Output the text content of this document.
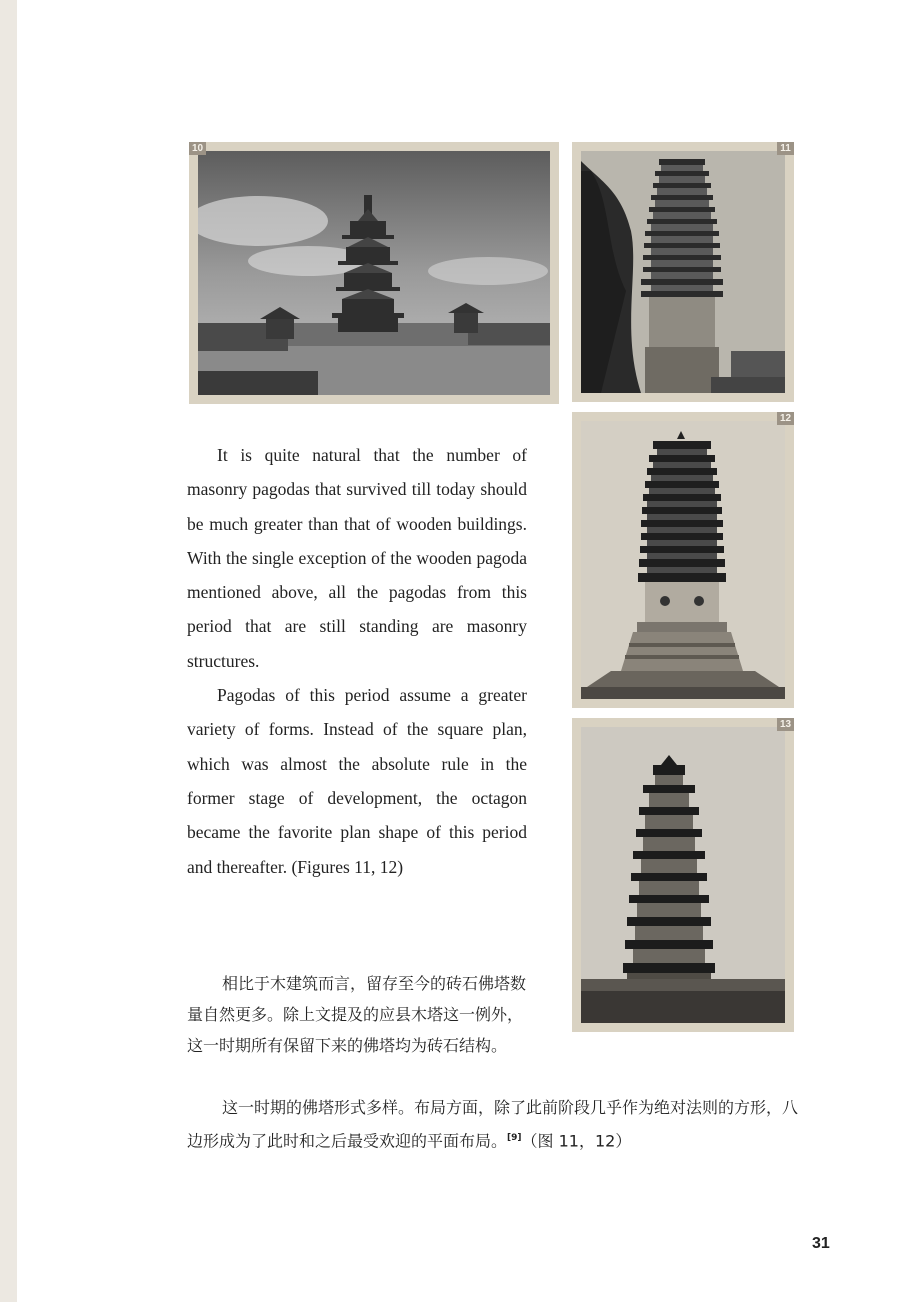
10	11
12
13

It is quite natural that the number of masonry pagodas that survived till today should be much greater than that of wooden buildings. With the single exception of the wooden pagoda mentioned above, all the pagodas from this period that are still standing are masonry structures.

Pagodas of this period assume a greater variety of forms. Instead of the square plan, which was almost the absolute rule in the former stage of development, the octagon became the favorite plan shape of this period and thereafter. (Figures 11, 12)

相比于木建筑而言，留存至今的砖石佛塔数量自然更多。除上文提及的应县木塔这一例外，这一时期所有保留下来的佛塔均为砖石结构。

这一时期的佛塔形式多样。布局方面，除了此前阶段几乎作为绝对法则的方形，八边形成为了此时和之后最受欢迎的平面布局。[9]（图 11，12）

31
